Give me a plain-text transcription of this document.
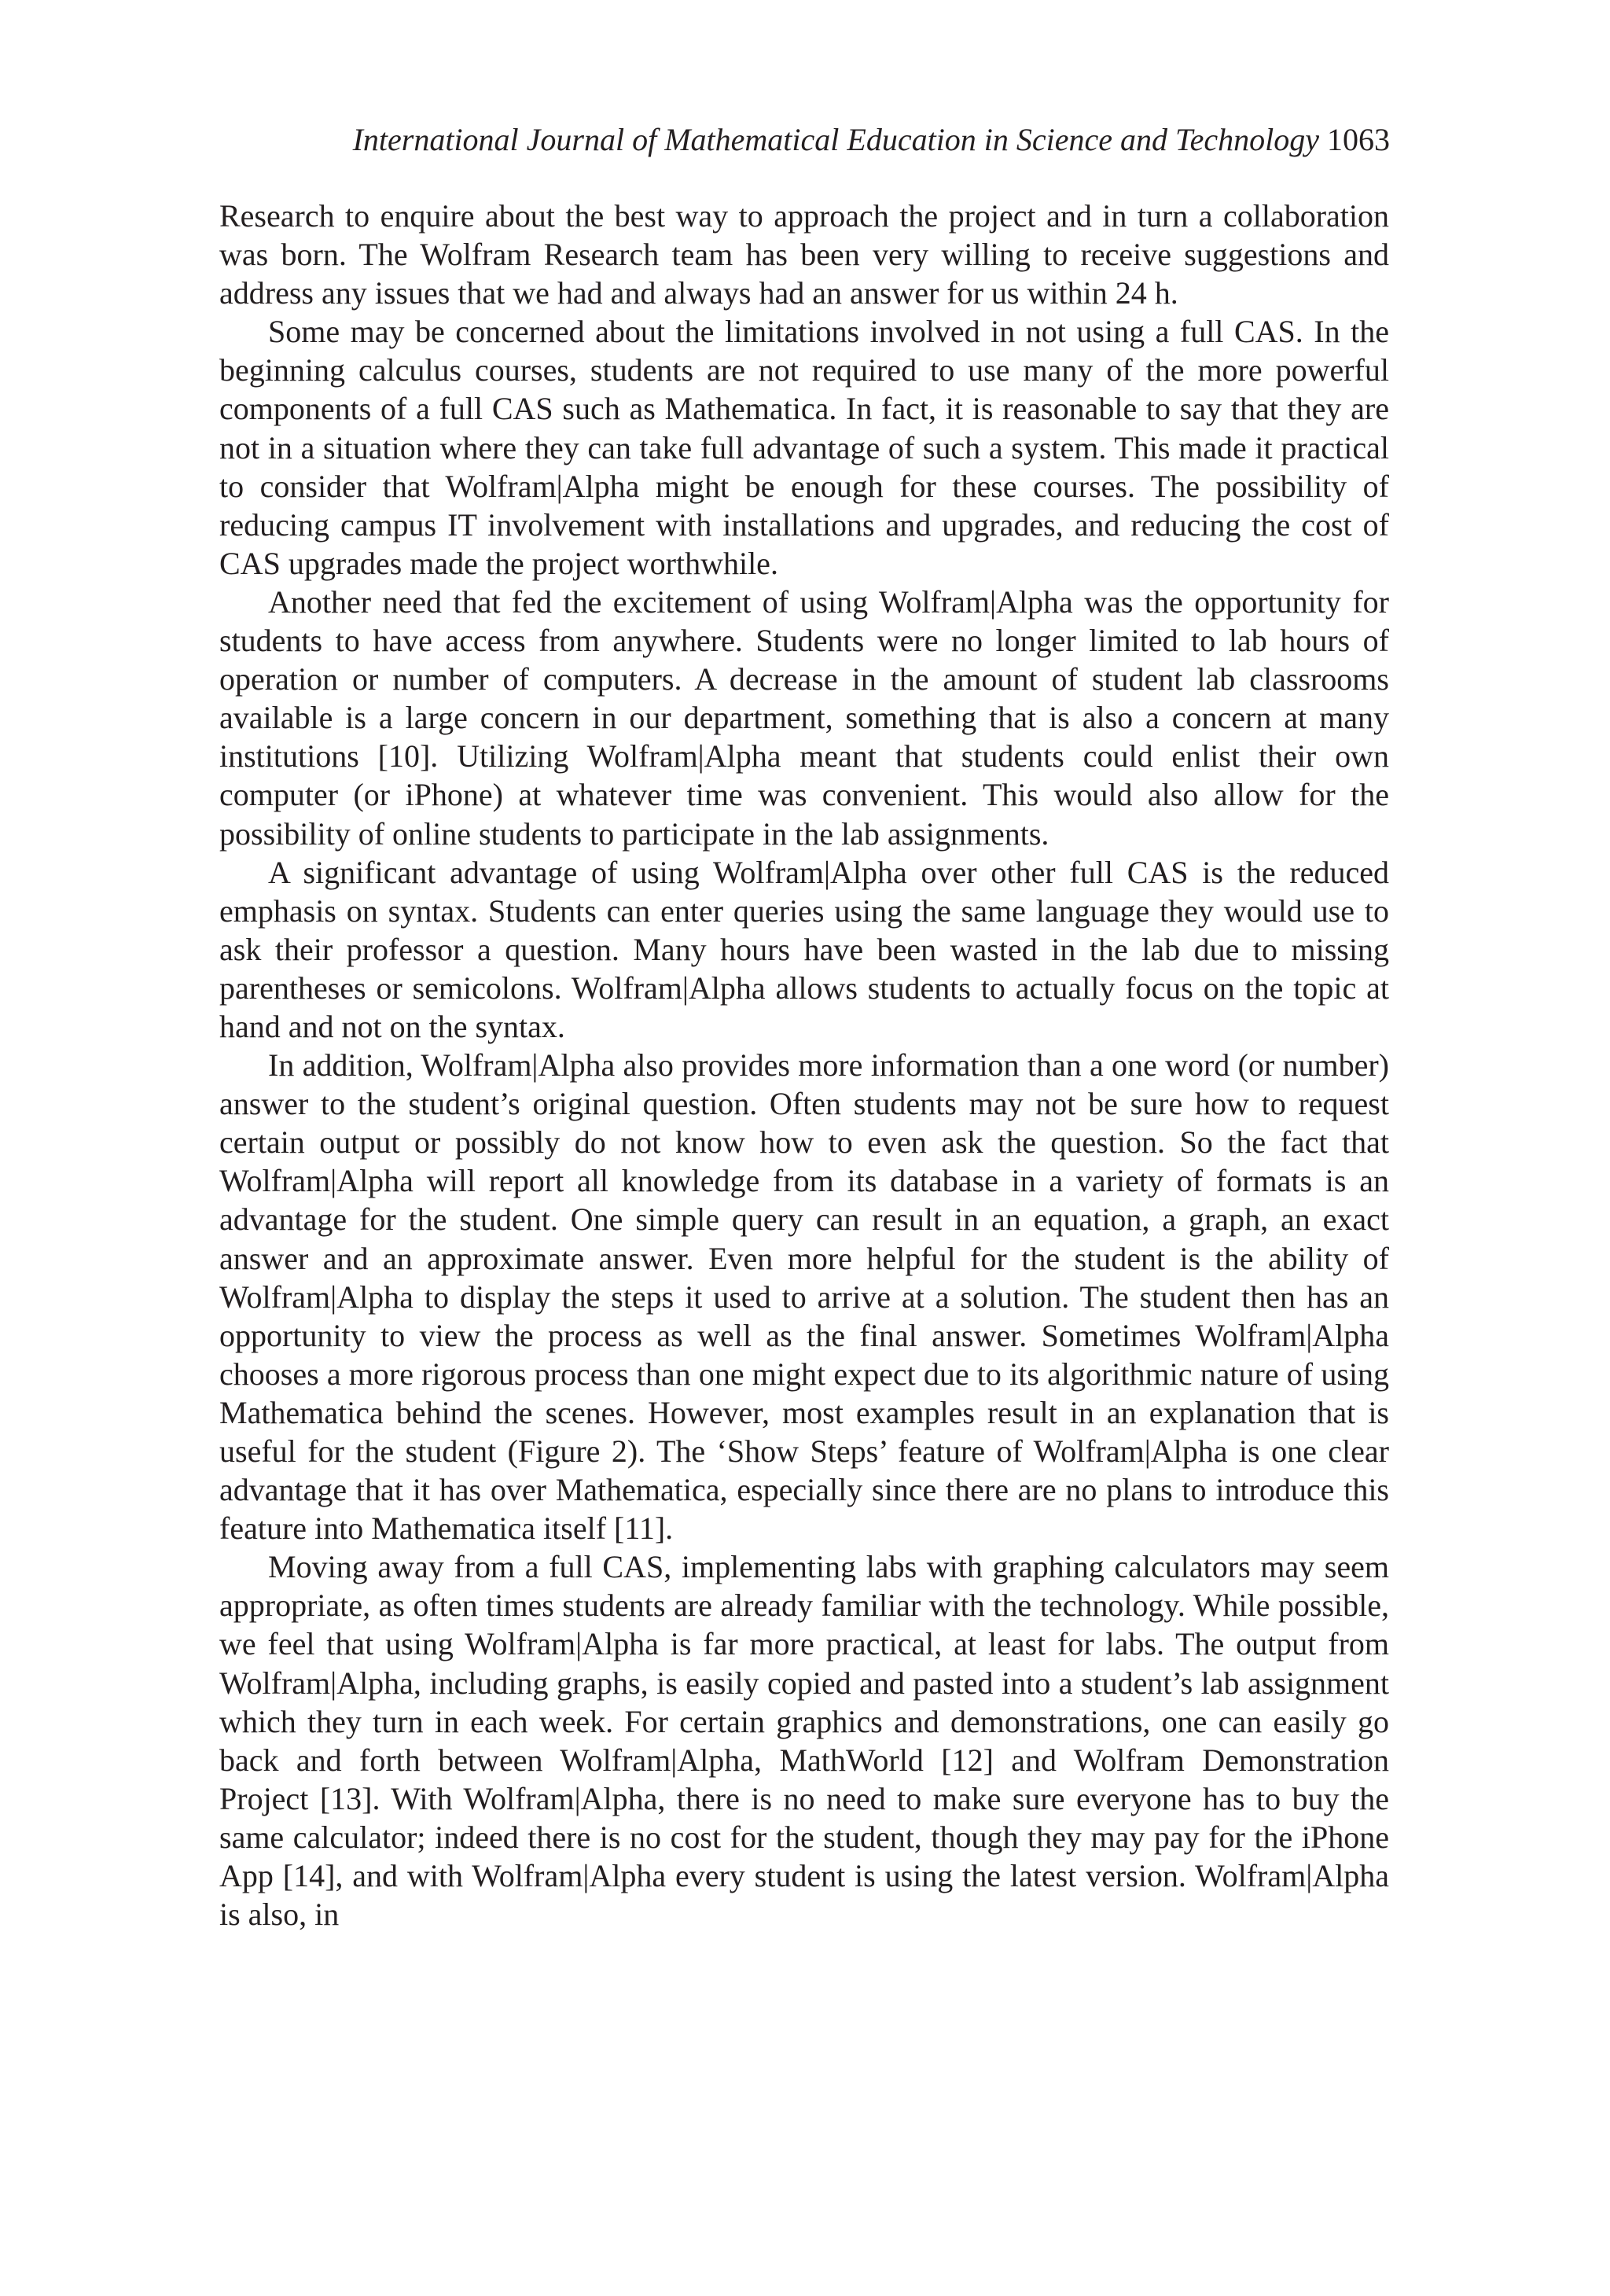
International Journal of Mathematical Education in Science and Technology 1063

Research to enquire about the best way to approach the project and in turn a collaboration was born. The Wolfram Research team has been very willing to receive suggestions and address any issues that we had and always had an answer for us within 24 h.

Some may be concerned about the limitations involved in not using a full CAS. In the beginning calculus courses, students are not required to use many of the more powerful components of a full CAS such as Mathematica. In fact, it is reasonable to say that they are not in a situation where they can take full advantage of such a system. This made it practical to consider that Wolfram|Alpha might be enough for these courses. The possibility of reducing campus IT involvement with installations and upgrades, and reducing the cost of CAS upgrades made the project worthwhile.

Another need that fed the excitement of using Wolfram|Alpha was the opportunity for students to have access from anywhere. Students were no longer limited to lab hours of operation or number of computers. A decrease in the amount of student lab classrooms available is a large concern in our department, something that is also a concern at many institutions [10]. Utilizing Wolfram|Alpha meant that students could enlist their own computer (or iPhone) at whatever time was convenient. This would also allow for the possibility of online students to participate in the lab assignments.

A significant advantage of using Wolfram|Alpha over other full CAS is the reduced emphasis on syntax. Students can enter queries using the same language they would use to ask their professor a question. Many hours have been wasted in the lab due to missing parentheses or semicolons. Wolfram|Alpha allows students to actually focus on the topic at hand and not on the syntax.

In addition, Wolfram|Alpha also provides more information than a one word (or number) answer to the student’s original question. Often students may not be sure how to request certain output or possibly do not know how to even ask the question. So the fact that Wolfram|Alpha will report all knowledge from its database in a variety of formats is an advantage for the student. One simple query can result in an equation, a graph, an exact answer and an approximate answer. Even more helpful for the student is the ability of Wolfram|Alpha to display the steps it used to arrive at a solution. The student then has an opportunity to view the process as well as the final answer. Sometimes Wolfram|Alpha chooses a more rigorous process than one might expect due to its algorithmic nature of using Mathematica behind the scenes. However, most examples result in an explanation that is useful for the student (Figure 2). The ‘Show Steps’ feature of Wolfram|Alpha is one clear advantage that it has over Mathematica, especially since there are no plans to introduce this feature into Mathematica itself [11].

Moving away from a full CAS, implementing labs with graphing calculators may seem appropriate, as often times students are already familiar with the technology. While possible, we feel that using Wolfram|Alpha is far more practical, at least for labs. The output from Wolfram|Alpha, including graphs, is easily copied and pasted into a student’s lab assignment which they turn in each week. For certain graphics and demonstrations, one can easily go back and forth between Wolfram|Alpha, MathWorld [12] and Wolfram Demonstration Project [13]. With Wolfram|Alpha, there is no need to make sure everyone has to buy the same calculator; indeed there is no cost for the student, though they may pay for the iPhone App [14], and with Wolfram|Alpha every student is using the latest version. Wolfram|Alpha is also, in
